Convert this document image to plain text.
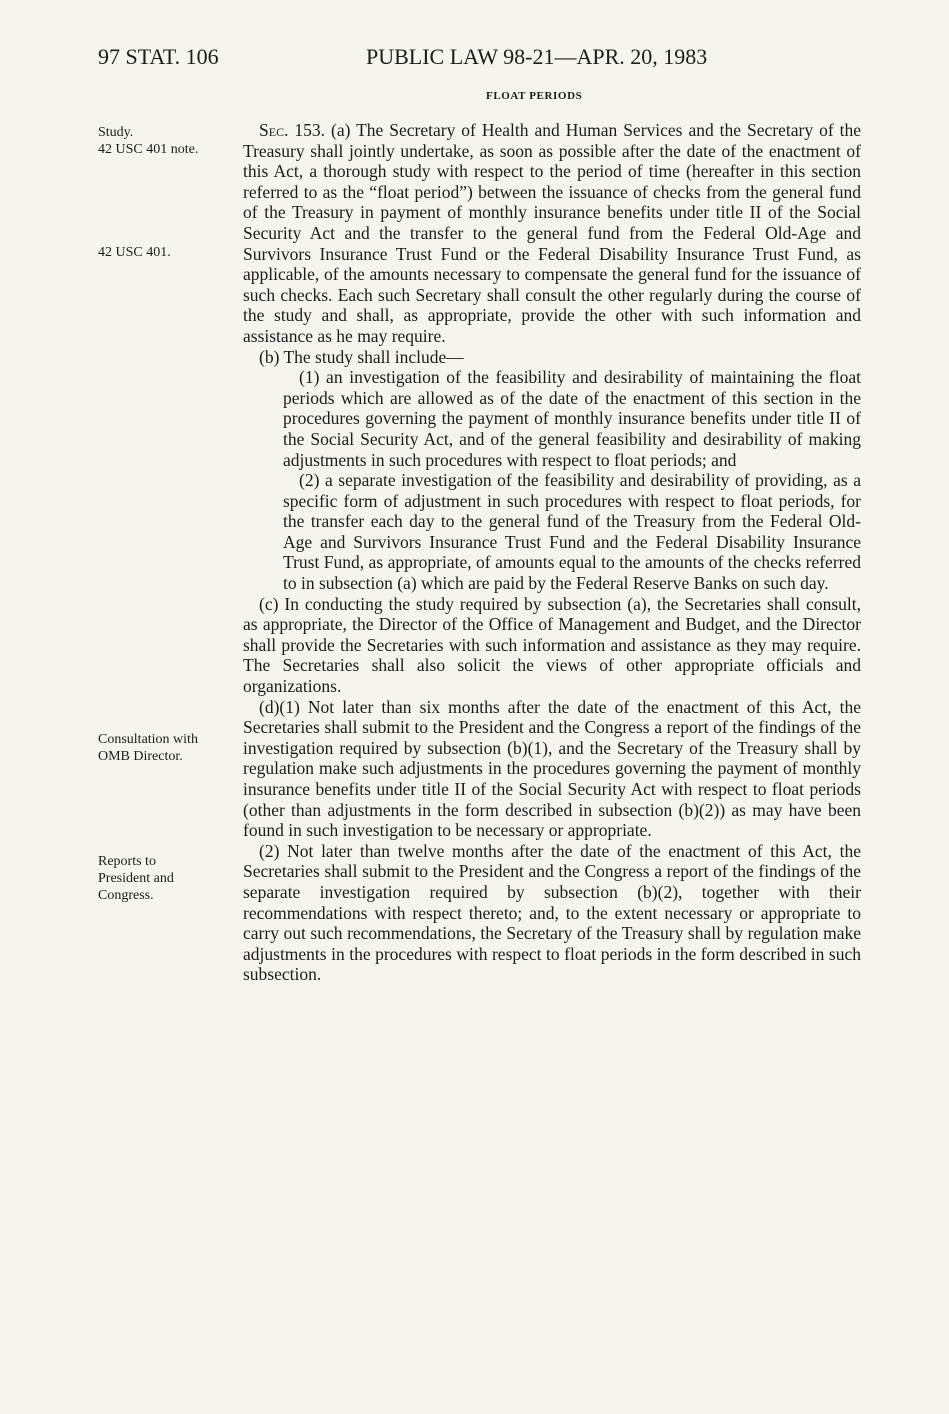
97 STAT. 106	PUBLIC LAW 98-21—APR. 20, 1983
FLOAT PERIODS
Study.
42 USC 401 note.
42 USC 401.
Consultation with OMB Director.
Reports to President and Congress.

Sec. 153. (a) The Secretary of Health and Human Services and the Secretary of the Treasury shall jointly undertake, as soon as possible after the date of the enactment of this Act, a thorough study with respect to the period of time (hereafter in this section referred to as the “float period”) between the issuance of checks from the general fund of the Treasury in payment of monthly insurance benefits under title II of the Social Security Act and the transfer to the general fund from the Federal Old-Age and Survivors Insurance Trust Fund or the Federal Disability Insurance Trust Fund, as applicable, of the amounts necessary to compensate the general fund for the issuance of such checks. Each such Secretary shall consult the other regularly during the course of the study and shall, as appropriate, provide the other with such information and assistance as he may require.

(b) The study shall include—

(1) an investigation of the feasibility and desirability of maintaining the float periods which are allowed as of the date of the enactment of this section in the procedures governing the payment of monthly insurance benefits under title II of the Social Security Act, and of the general feasibility and desirability of making adjustments in such procedures with respect to float periods; and

(2) a separate investigation of the feasibility and desirability of providing, as a specific form of adjustment in such procedures with respect to float periods, for the transfer each day to the general fund of the Treasury from the Federal Old-Age and Survivors Insurance Trust Fund and the Federal Disability Insurance Trust Fund, as appropriate, of amounts equal to the amounts of the checks referred to in subsection (a) which are paid by the Federal Reserve Banks on such day.

(c) In conducting the study required by subsection (a), the Secretaries shall consult, as appropriate, the Director of the Office of Management and Budget, and the Director shall provide the Secretaries with such information and assistance as they may require. The Secretaries shall also solicit the views of other appropriate officials and organizations.

(d)(1) Not later than six months after the date of the enactment of this Act, the Secretaries shall submit to the President and the Congress a report of the findings of the investigation required by subsection (b)(1), and the Secretary of the Treasury shall by regulation make such adjustments in the procedures governing the payment of monthly insurance benefits under title II of the Social Security Act with respect to float periods (other than adjustments in the form described in subsection (b)(2)) as may have been found in such investigation to be necessary or appropriate.

(2) Not later than twelve months after the date of the enactment of this Act, the Secretaries shall submit to the President and the Congress a report of the findings of the separate investigation required by subsection (b)(2), together with their recommendations with respect thereto; and, to the extent necessary or appropriate to carry out such recommendations, the Secretary of the Treasury shall by regulation make adjustments in the procedures with respect to float periods in the form described in such subsection.
